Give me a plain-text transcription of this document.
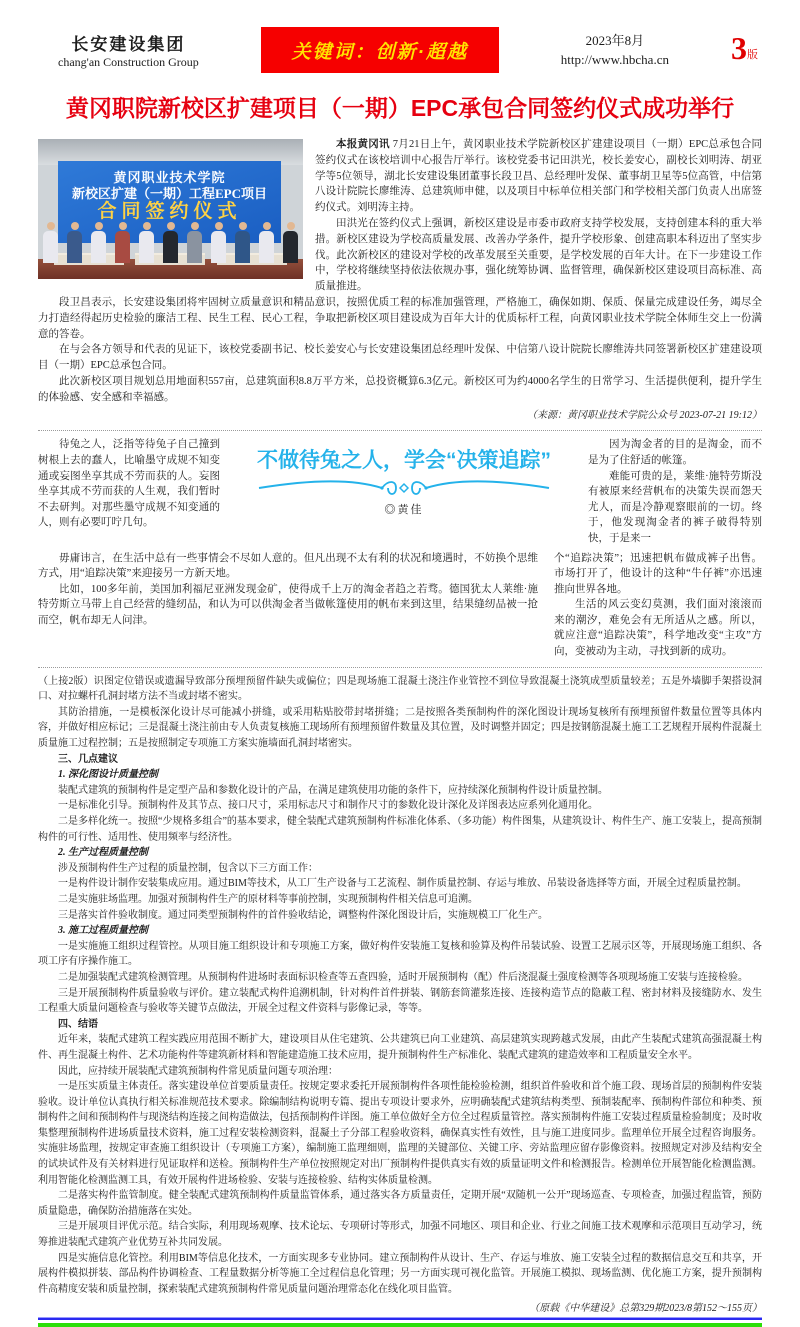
长安建设集团
chang'an Construction Group	关键词：创新·超越
2023年8月
http://www.hbcha.cn 3 版
黄冈职院新校区扩建项目（一期）EPC承包合同签约仪式成功举行
黄冈职业技术学院
新校区扩建（一期）工程EPC项目
合同签约仪式

本报黄冈讯 7月21日上午，黄冈职业技术学院新校区扩建建设项目（一期）EPC总承包合同签约仪式在该校培训中心报告厅举行。该校党委书记田洪光，校长姜安心，副校长刘明涛、胡亚学等5位领导，湖北长安建设集团董事长段卫昌、总经理叶发保、董事胡卫星等5位高管，中信第八设计院院长廖维涛、总建筑师申健，以及项目中标单位相关部门和学校相关部门负责人出席签约仪式。刘明涛主持。

田洪光在签约仪式上强调，新校区建设是市委市政府支持学校发展，支持创建本科的重大举措。新校区建设为学校高质量发展、改善办学条件，提升学校形象、创建高职本科迈出了坚实步伐。此次新校区的建设对学校的改革发展至关重要，是学校发展的百年大计。在下一步建设工作中，学校将继续坚持依法依规办事，强化统筹协调、监督管理，确保新校区建设项目高标准、高质量推进。

段卫昌表示，长安建设集团将牢固树立质量意识和精品意识，按照优质工程的标准加强管理，严格施工，确保如期、保质、保量完成建设任务，竭尽全力打造经得起历史检验的廉洁工程、民生工程、民心工程，争取把新校区项目建设成为百年大计的优质标杆工程，向黄冈职业技术学院全体师生交上一份满意的答卷。

在与会各方领导和代表的见证下，该校党委副书记、校长姜安心与长安建设集团总经理叶发保、中信第八设计院院长廖维涛共同签署新校区扩建建设项目（一期）EPC总承包合同。

此次新校区项目规划总用地面积557亩，总建筑面积8.8万平方米，总投资概算6.3亿元。新校区可为约4000名学生的日常学习、生活提供便利，提升学生的体验感、安全感和幸福感。

（来源：黄冈职业技术学院公众号 2023-07-21 19:12）

待兔之人，泛指等待兔子自己撞到树根上去的蠢人，比喻墨守成规不知变通或妄图坐享其成不劳而获的人。妄图坐享其成不劳而获的人生观，我们暂时不去研判。对那些墨守成规不知变通的人，则有必要叮咛几句。

不做待兔之人，学会“决策追踪”
◎黄佳

因为淘金者的目的是淘金，而不是为了住舒适的帐篷。

难能可贵的是，莱维·施特劳斯没有被原来经营帆布的决策失误而怨天尤人，而是冷静观察眼前的一切。终于，他发现淘金者的裤子破得特别快，于是来一

毋庸讳言，在生活中总有一些事情会不尽如人意的。但凡出现不太有利的状况和境遇时，不妨换个思维方式，用“追踪决策”来迎接另一方新天地。

比如，100多年前，美国加利福尼亚洲发现金矿，使得成千上万的淘金者趋之若骛。德国犹太人莱维·施特劳斯立马带上自己经营的缝纫品，和认为可以供淘金者当做帐篷使用的帆布来到这里，结果缝纫品被一抢而空，帆布却无人问津。

个“追踪决策”；迅速把帆布做成裤子出售。市场打开了，他设计的这种“牛仔裤”亦迅速推向世界各地。

生活的风云变幻莫测，我们面对滚滚而来的潮汐，难免会有无所适从之感。所以，就应注意“追踪决策”，科学地改变“主攻”方向，变被动为主动，寻找到新的成功。

（上接2版）识图定位错误或遗漏导致部分预埋预留件缺失或偏位；四是现场施工混凝土浇注作业管控不到位导致混凝土浇筑成型质量较差；五是外墙脚手架搭设洞口、对拉螺杆孔洞封堵方法不当或封堵不密实。

其防治措施，一是模板深化设计尽可能减小拼缝，或采用粘贴胶带封堵拼缝；二是按照各类预制构件的深化图设计现场复核所有预埋预留件数量位置等具体内容，并做好相应标记；三是混凝土浇注前由专人负责复核施工现场所有预埋预留件数量及其位置，及时调整并固定；四是按钢筋混凝土施工工艺规程开展构件混凝土质量施工过程控制；五是按照制定专项施工方案实施墙面孔洞封堵密实。

三、几点建议

1. 深化图设计质量控制

装配式建筑的预制构件是定型产品和参数化设计的产品，在满足建筑使用功能的条件下，应持续深化预制构件设计质量控制。

一是标准化引导。预制构件及其节点、接口尺寸，采用标志尺寸和制作尺寸的参数化设计深化及详图表达应系列化通用化。

二是多样化统一。按照“少规格多组合”的基本要求，健全装配式建筑预制构件标准化体系、（多功能）构件图集，从建筑设计、构件生产、施工安装上，提高预制构件的可行性、适用性、使用频率与经济性。

2. 生产过程质量控制

涉及预制构件生产过程的质量控制，包含以下三方面工作：

一是构件设计制作安装集成应用。通过BIM等技术，从工厂生产设备与工艺流程、制作质量控制、存运与堆放、吊装设备选择等方面，开展全过程质量控制。

二是实施驻场监理。加强对预制构件生产的原材料等事前控制，实现预制构件相关信息可追溯。

三是落实首件验收制度。通过同类型预制构件的首件验收结论，调整构件深化图设计后，实施规模工厂化生产。

3. 施工过程质量控制

一是实施施工组织过程管控。从项目施工组织设计和专项施工方案，做好构件安装施工复核和验算及构件吊装试验、设置工艺展示区等，开展现场施工组织、各项工序有序操作施工。

二是加强装配式建筑检测管理。从预制构件进场时表面标识检查等五查四验，适时开展预制构（配）件后浇混凝土强度检测等各项现场施工安装与连接检验。

三是开展预制构件质量验收与评价。建立装配式构件追溯机制，针对构件首件拼装、钢筋套筒灌浆连接、连接构造节点的隐蔽工程、密封材料及接缝防水、发生工程重大质量问题检查与验收等关键节点做法，开展全过程文件资料与影像记录，等等。

四、结语

近年来，装配式建筑工程实践应用范围不断扩大，建设项目从住宅建筑、公共建筑已向工业建筑、高层建筑实现跨越式发展，由此产生装配式建筑高强混凝土构件、再生混凝土构件、艺术功能构件等建筑新材料和智能建造施工技术应用，提升预制构件生产标准化、装配式建筑的建造效率和工程质量安全水平。

因此，应持续开展装配式建筑预制构件常见质量问题专项治理：

一是压实质量主体责任。落实建设单位首要质量责任。按规定要求委托开展预制构件各项性能检验检测，组织首件验收和首个施工段、现场首层的预制构件安装验收。设计单位认真执行相关标准规范技术要求。除编制结构说明专篇、提出专项设计要求外，应明确装配式建筑结构类型、预制装配率、预制构件部位和种类、预制构件之间和预制构件与现浇结构连接之间构造做法，包括预制构件详图。施工单位做好全方位全过程质量管控。落实预制构件施工安装过程质量检验制度；及时收集整理预制构件进场质量技术资料，施工过程安装检测资料，混凝土子分部工程验收资料，确保真实性有效性，且与施工进度同步。监理单位开展全过程咨询服务。实施驻场监理，按规定审查施工组织设计（专项施工方案），编制施工监理细则，监理的关键部位、关键工序、旁站监理应留存影像资料。按照规定对涉及结构安全的试块试件及有关材料进行见证取样和送检。预制构件生产单位按照规定对出厂预制构件提供真实有效的质量证明文件和检测报告。检测单位开展智能化检测监测。利用智能化检测监测工具，有效开展构件进场检验、安装与连接检验、结构实体质量检测。

二是落实构件监管制度。健全装配式建筑预制构件质量监管体系，通过落实各方质量责任，定期开展“双随机一公开”现场巡查、专项检查，加强过程监管，预防质量隐患，确保防治措施落在实处。

三是开展项目评优示范。结合实际，利用现场观摩、技术论坛、专项研讨等形式，加强不同地区、项目和企业、行业之间施工技术观摩和示范项目互动学习，统筹推进装配式建筑产业优势互补共同发展。

四是实施信息化管控。利用BIM等信息化技术，一方面实现多专业协同。建立预制构件从设计、生产、存运与堆放、施工安装全过程的数据信息交互和共享，开展构件模拟拼装、部品构件协调检查、工程量数据分析等施工全过程信息化管理；另一方面实现可视化监管。开展施工模拟、现场监测、优化施工方案，提升预制构件高精度安装和质量控制，探索装配式建筑预制构件常见质量问题治理常态化在线化项目监管。

（原载《中华建设》总第329期2023/8第152～155页）
